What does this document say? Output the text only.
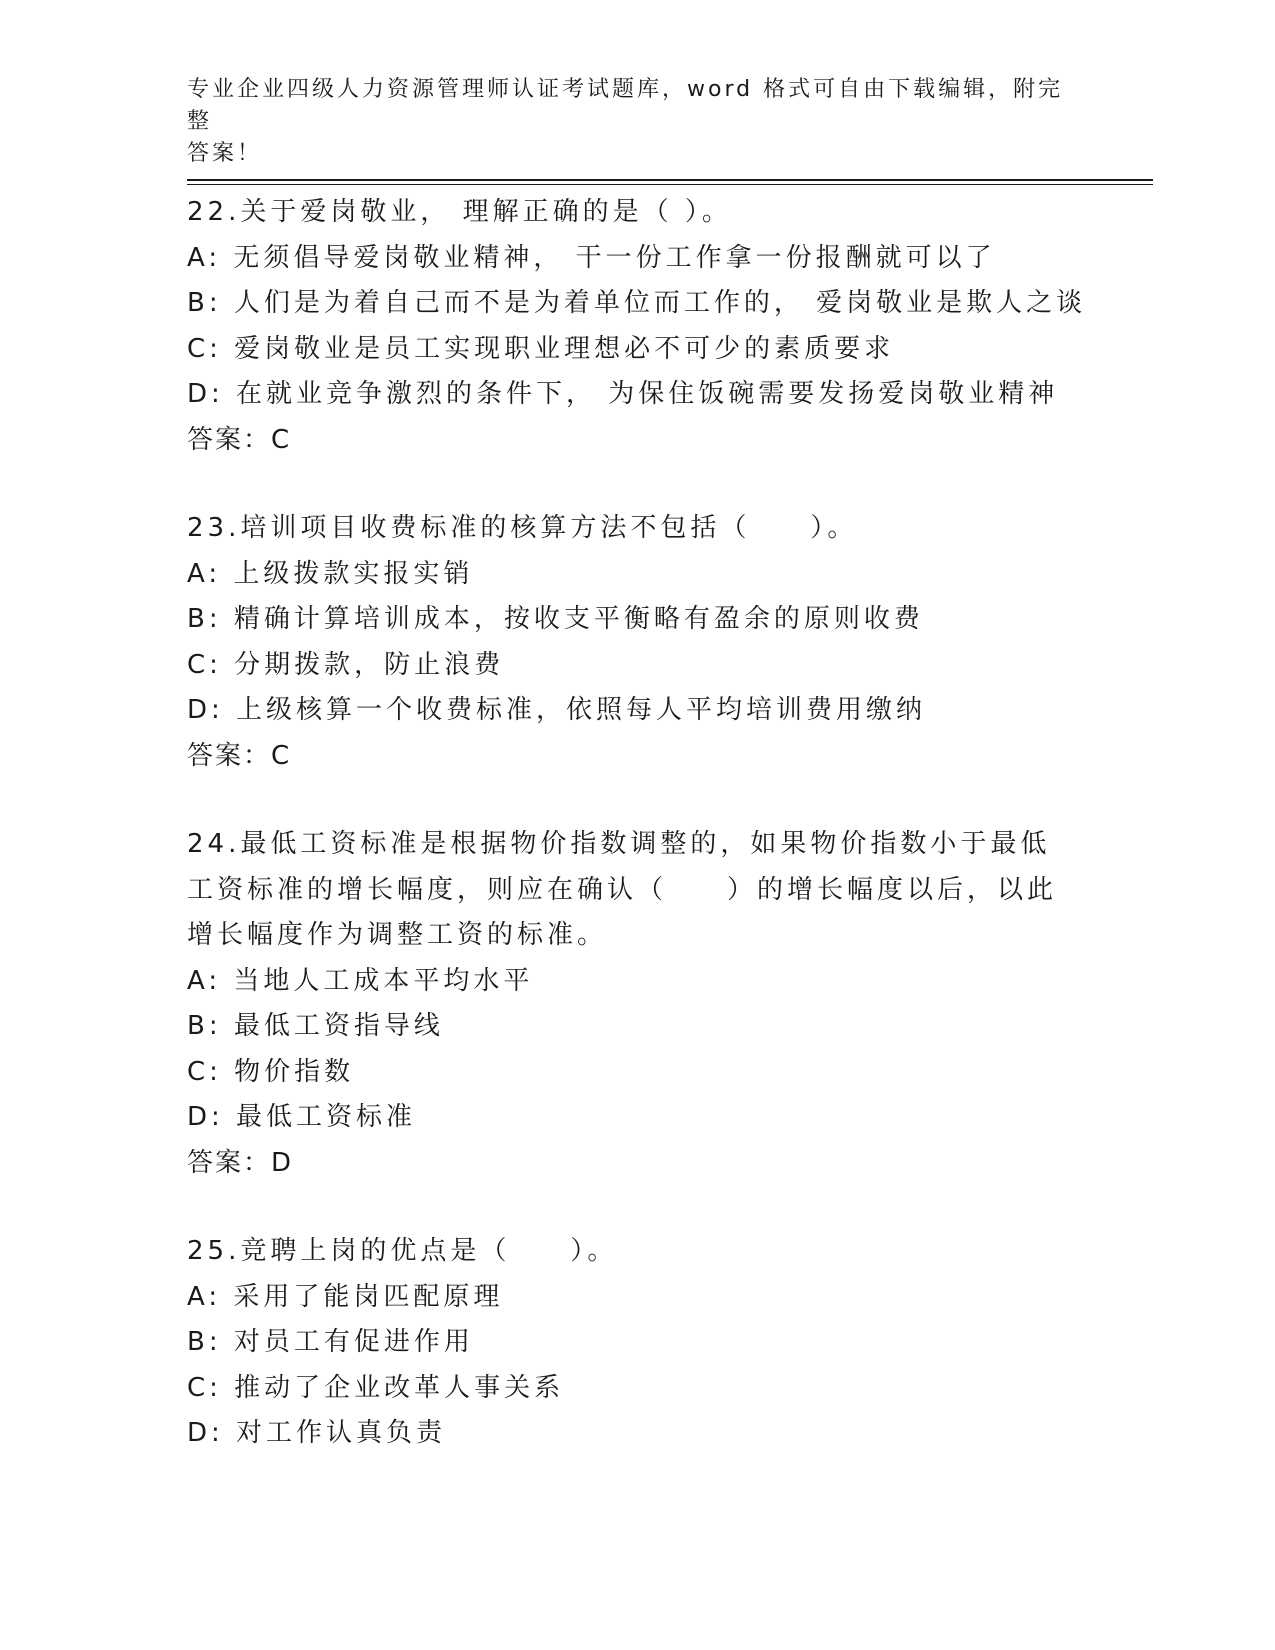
专业企业四级人力资源管理师认证考试题库，word 格式可自由下载编辑，附完整
答案！
22.关于爱岗敬业， 理解正确的是（ ）。
A: 无须倡导爱岗敬业精神， 干一份工作拿一份报酬就可以了
B: 人们是为着自己而不是为着单位而工作的， 爱岗敬业是欺人之谈
C: 爱岗敬业是员工实现职业理想必不可少的素质要求
D: 在就业竞争激烈的条件下， 为保住饭碗需要发扬爱岗敬业精神
答案：C
23.培训项目收费标准的核算方法不包括（　　）。
A: 上级拨款实报实销
B: 精确计算培训成本，按收支平衡略有盈余的原则收费
C: 分期拨款，防止浪费
D: 上级核算一个收费标准，依照每人平均培训费用缴纳
答案：C
24.最低工资标准是根据物价指数调整的，如果物价指数小于最低工资标准的增长幅度，则应在确认（　　）的增长幅度以后，以此增长幅度作为调整工资的标准。
A: 当地人工成本平均水平
B: 最低工资指导线
C: 物价指数
D: 最低工资标准
答案：D
25.竞聘上岗的优点是（　　）。
A: 采用了能岗匹配原理
B: 对员工有促进作用
C: 推动了企业改革人事关系
D: 对工作认真负责
